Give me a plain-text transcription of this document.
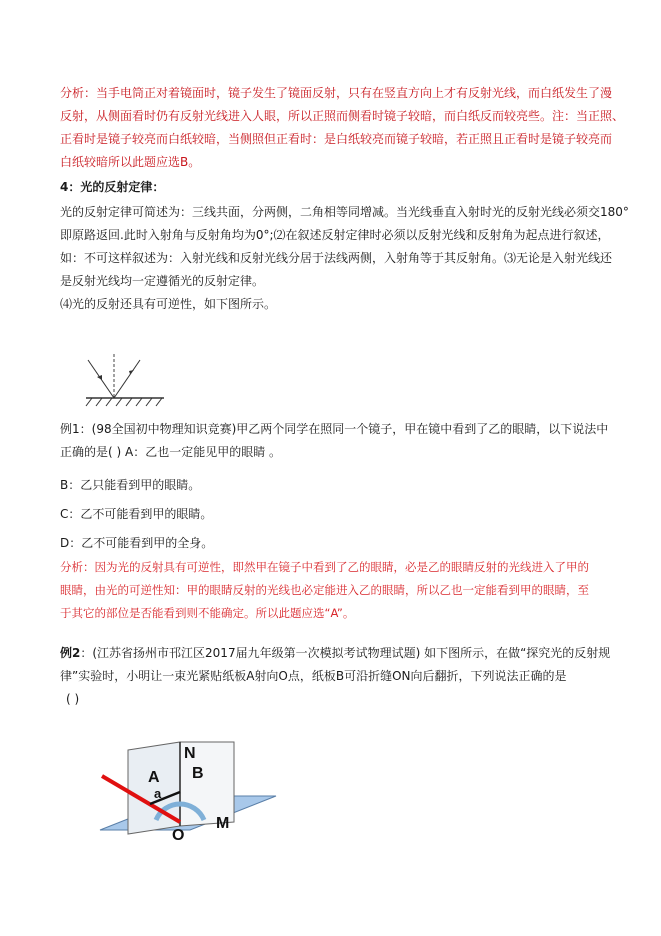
分析：当手电筒正对着镜面时，镜子发生了镜面反射，只有在竖直方向上才有反射光线，而白纸发生了漫
反射，从侧面看时仍有反射光线进入人眼，所以正照而侧看时镜子较暗，而白纸反而较亮些。注：当正照、
正看时是镜子较亮而白纸较暗，当侧照但正看时：是白纸较亮而镜子较暗，若正照且正看时是镜子较亮而
白纸较暗所以此题应选B。
4：光的反射定律：
光的反射定律可简述为：三线共面，分两侧，二角相等同增减。当光线垂直入射时光的反射光线必须交180°
即原路返回.此时入射角与反射角均为0°;⑵在叙述反射定律时必须以反射光线和反射角为起点进行叙述，
如：不可这样叙述为：入射光线和反射光线分居于法线两侧，入射角等于其反射角。⑶无论是入射光线还
是反射光线均一定遵循光的反射定律。
⑷光的反射还具有可逆性，如下图所示。
例1：(98全国初中物理知识竞赛)甲乙两个同学在照同一个镜子，甲在镜中看到了乙的眼睛，以下说法中
正确的是( ) A：乙也一定能见甲的眼睛 。
B：乙只能看到甲的眼睛。
C：乙不可能看到甲的眼睛。
D：乙不可能看到甲的全身。
分析：因为光的反射具有可逆性，即然甲在镜子中看到了乙的眼睛，必是乙的眼睛反射的光线进入了甲的
眼睛，由光的可逆性知：甲的眼睛反射的光线也必定能进入乙的眼睛，所以乙也一定能看到甲的眼睛，至
于其它的部位是否能看到则不能确定。所以此题应选“A”。
例2：(江苏省扬州市邗江区2017届九年级第一次模拟考试物理试题) 如下图所示，在做“探究光的反射规
律”实验时，小明让一束光紧贴纸板A射向O点，纸板B可沿折缝ON向后翻折，下列说法正确的是
( )
N
B
A
a
O
M
